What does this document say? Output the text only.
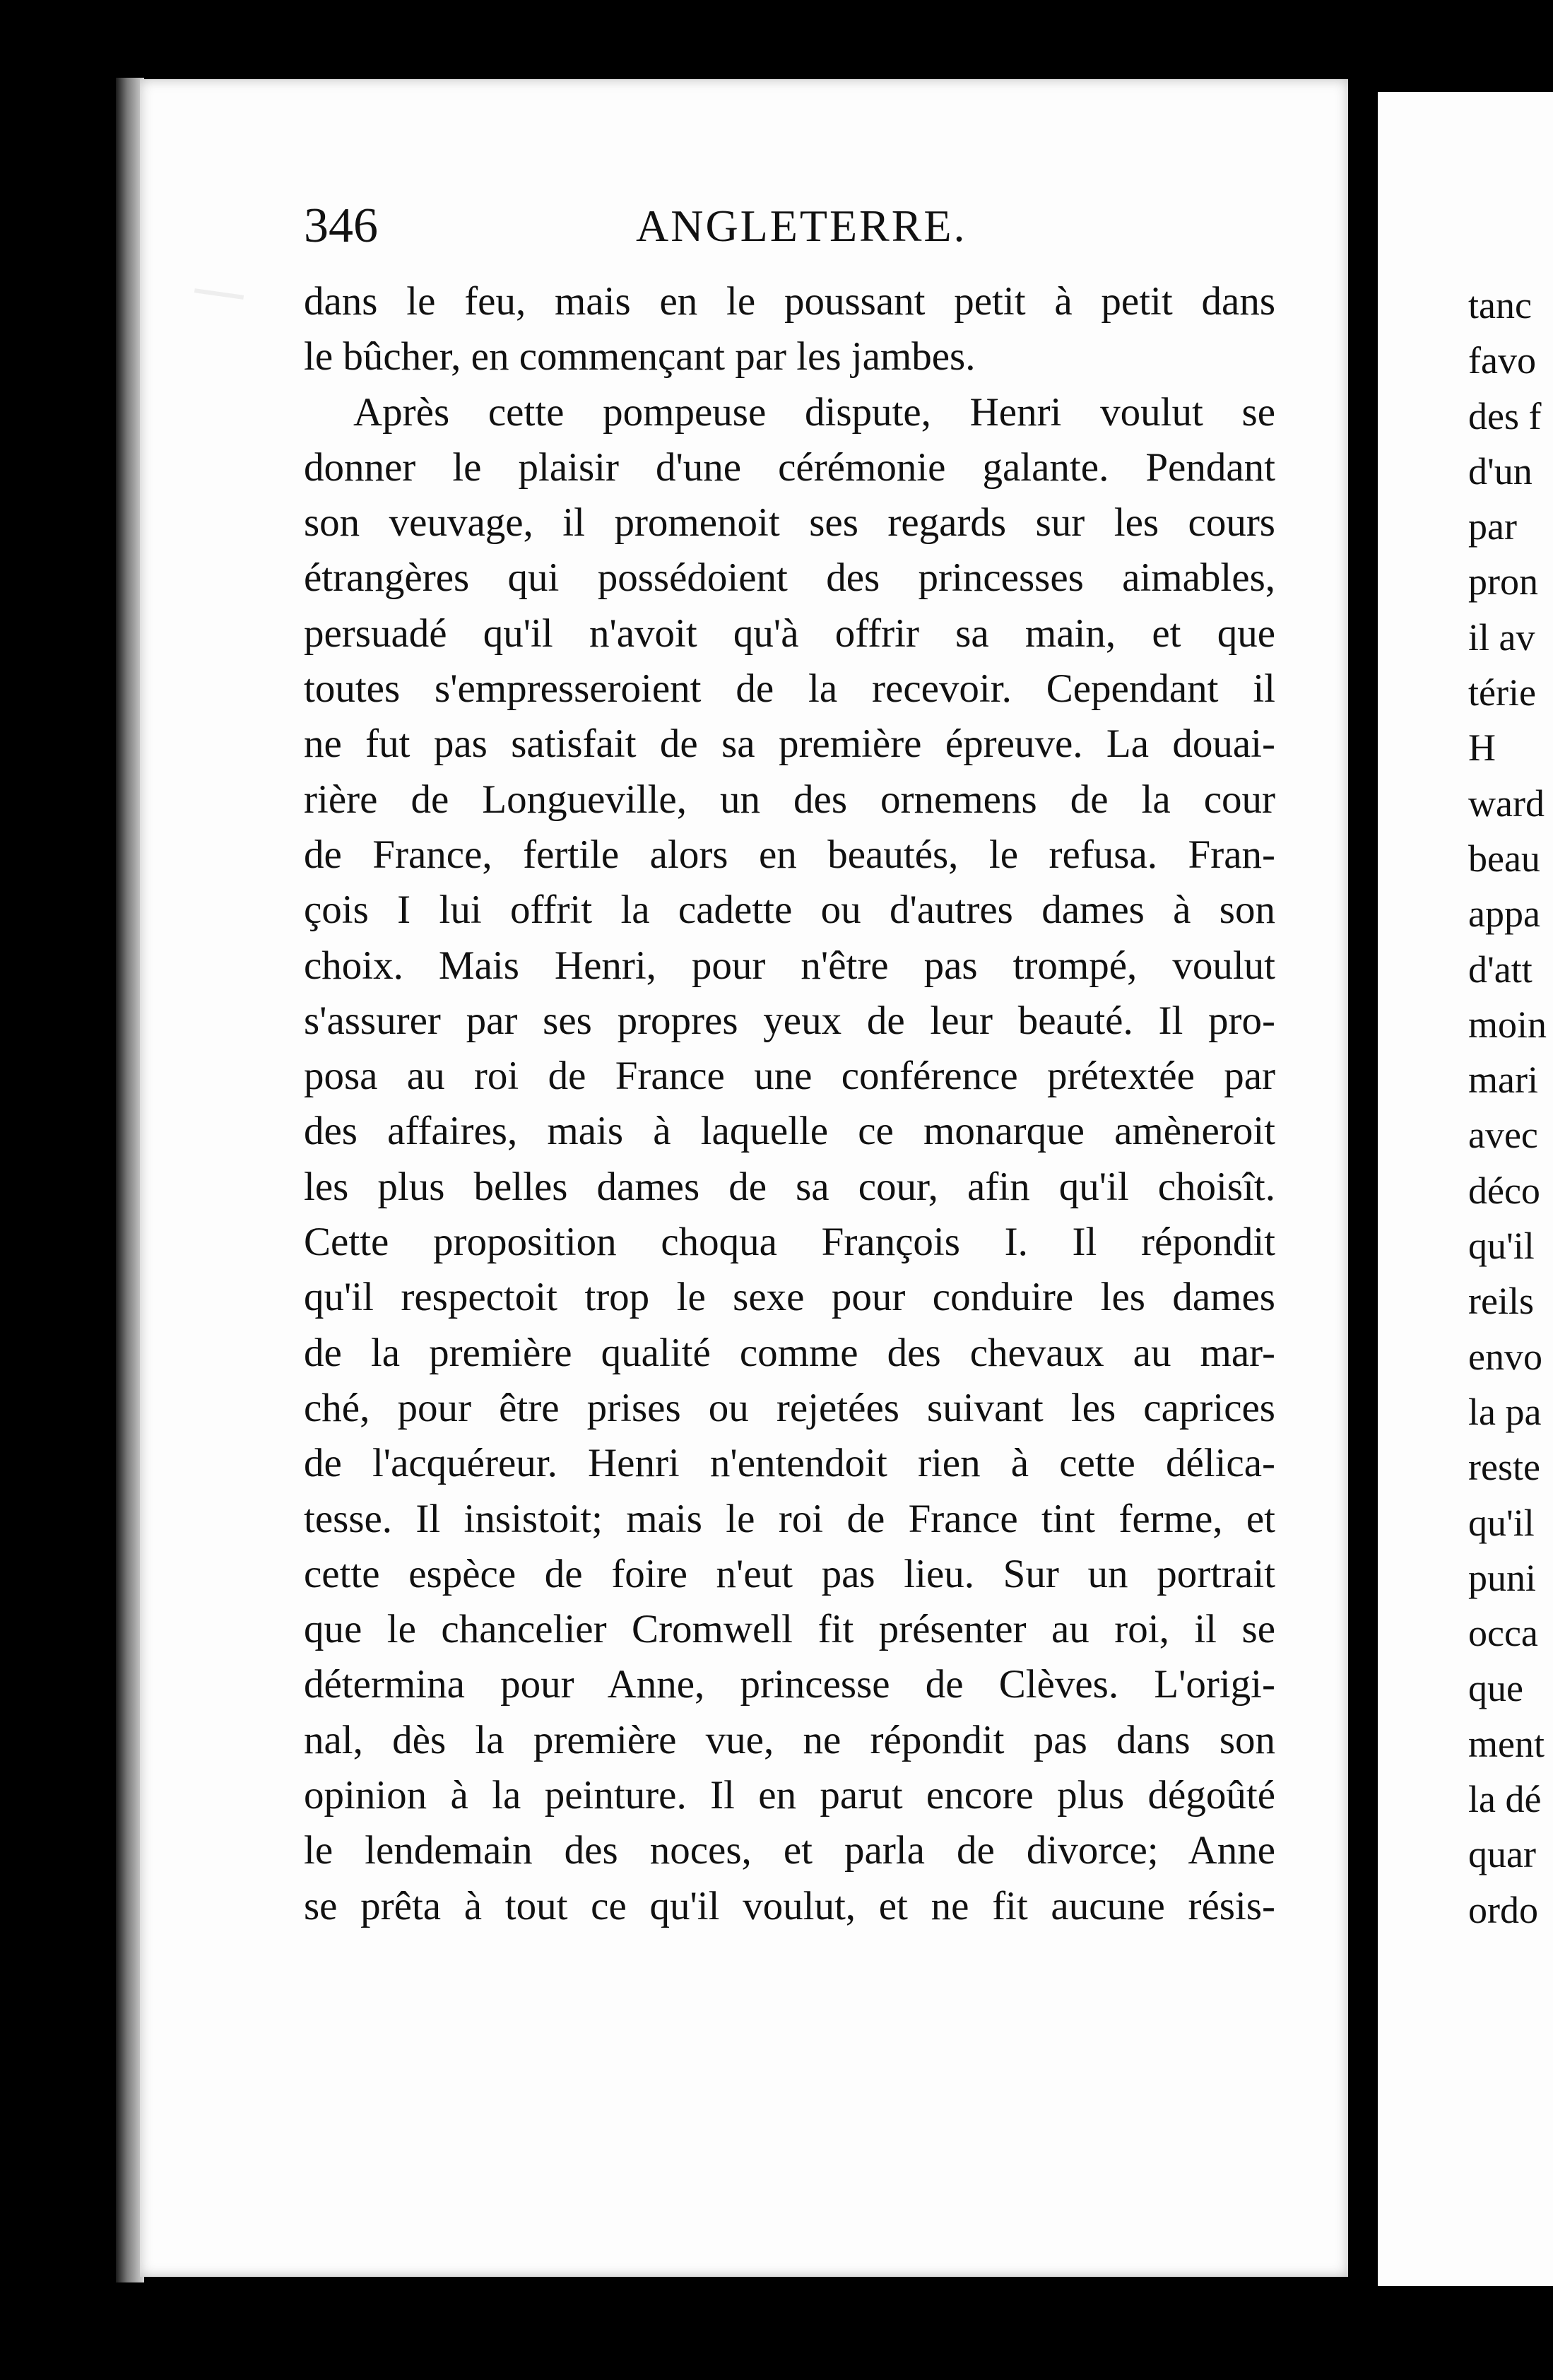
346	ANGLETERRE.
dans le feu, mais en le poussant petit à petit dans
le bûcher, en commençant par les jambes.
Après cette pompeuse dispute, Henri voulut se
donner le plaisir d'une cérémonie galante. Pendant
son veuvage, il promenoit ses regards sur les cours
étrangères qui possédoient des princesses aimables,
persuadé qu'il n'avoit qu'à offrir sa main, et que
toutes s'empresseroient de la recevoir. Cependant il
ne fut pas satisfait de sa première épreuve. La douai-
rière de Longueville, un des ornemens de la cour
de France, fertile alors en beautés, le refusa. Fran-
çois I lui offrit la cadette ou d'autres dames à son
choix. Mais Henri, pour n'être pas trompé, voulut
s'assurer par ses propres yeux de leur beauté. Il pro-
posa au roi de France une conférence prétextée par
des affaires, mais à laquelle ce monarque amèneroit
les plus belles dames de sa cour, afin qu'il choisît.
Cette proposition choqua François I. Il répondit
qu'il respectoit trop le sexe pour conduire les dames
de la première qualité comme des chevaux au mar-
ché, pour être prises ou rejetées suivant les caprices
de l'acquéreur. Henri n'entendoit rien à cette délica-
tesse. Il insistoit; mais le roi de France tint ferme, et
cette espèce de foire n'eut pas lieu. Sur un portrait
que le chancelier Cromwell fit présenter au roi, il se
détermina pour Anne, princesse de Clèves. L'origi-
nal, dès la première vue, ne répondit pas dans son
opinion à la peinture. Il en parut encore plus dégoûté
le lendemain des noces, et parla de divorce; Anne
se prêta à tout ce qu'il voulut, et ne fit aucune résis-
tanc
favo
des f
d'un
par
pron
il av
térie
H
ward
beau
appa
d'att
moin
mari
avec
déco
qu'il
reils
envo
la pa
reste
qu'il
puni
occa
que
ment
la dé
quar
ordo
